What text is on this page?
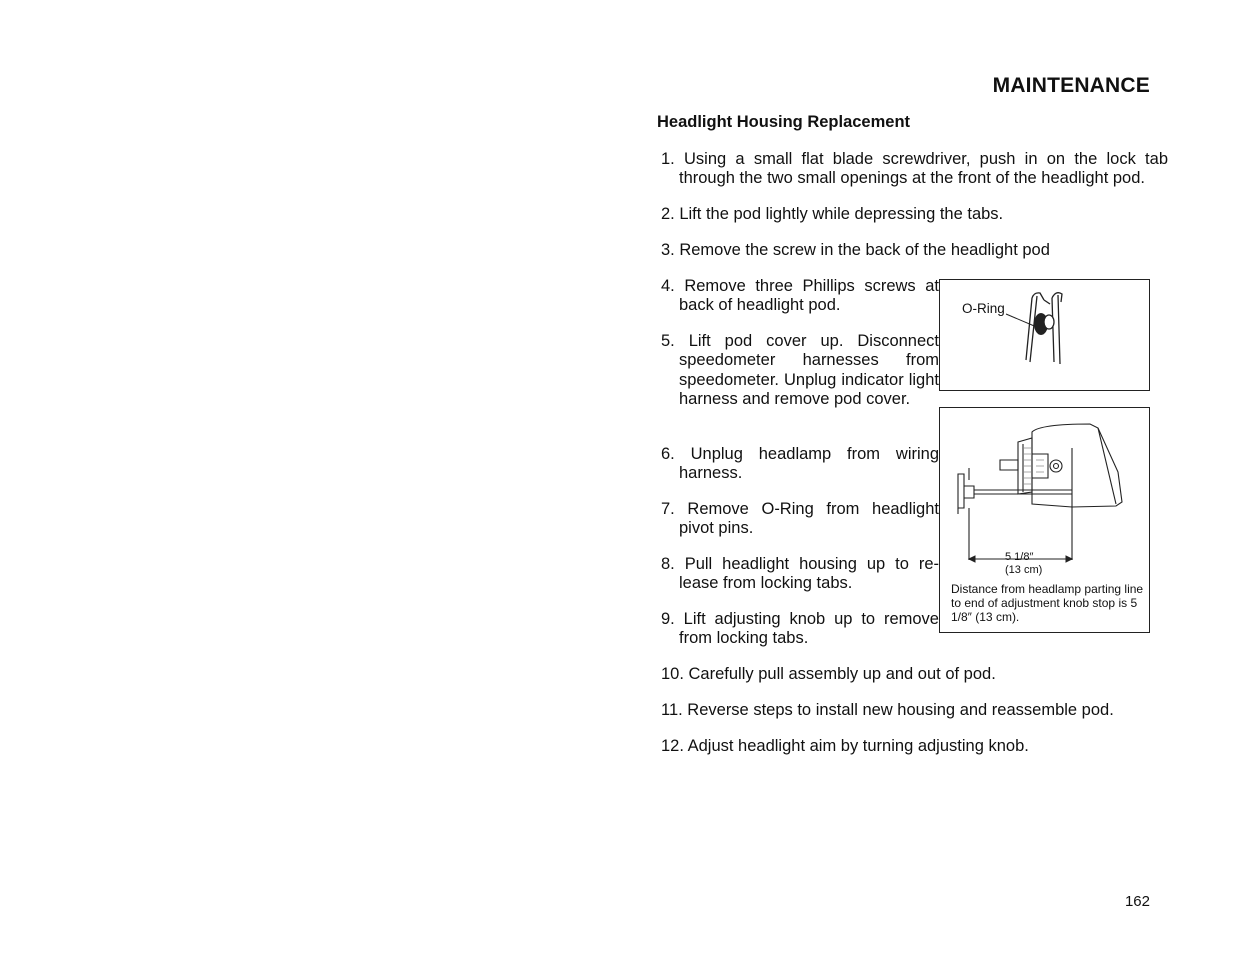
MAINTENANCE
Headlight Housing Replacement
1. Using a small flat blade screwdriver, push in on the lock tab through the two small openings at the front of the headlight pod.
2. Lift the pod lightly while depressing the tabs.
3. Remove the screw in the back of the headlight pod
4. Remove three Phillips screws at back of headlight pod.
5. Lift pod cover up. Disconnect speedometer harnesses from speedometer. Unplug indicator light harness and remove pod cover.
6. Unplug headlamp from wiring harness.
7. Remove O-Ring from headlight pivot pins.
8. Pull headlight housing up to re-lease from locking tabs.
9. Lift adjusting knob up to remove from locking tabs.
10. Carefully pull assembly up and out of pod.
11. Reverse steps to install new housing and reassemble pod.
12. Adjust headlight aim by turning adjusting knob.
O-Ring
5 1/8″
(13 cm)
Distance from headlamp parting line to end of adjustment knob stop is 5 1/8″ (13 cm).
162
